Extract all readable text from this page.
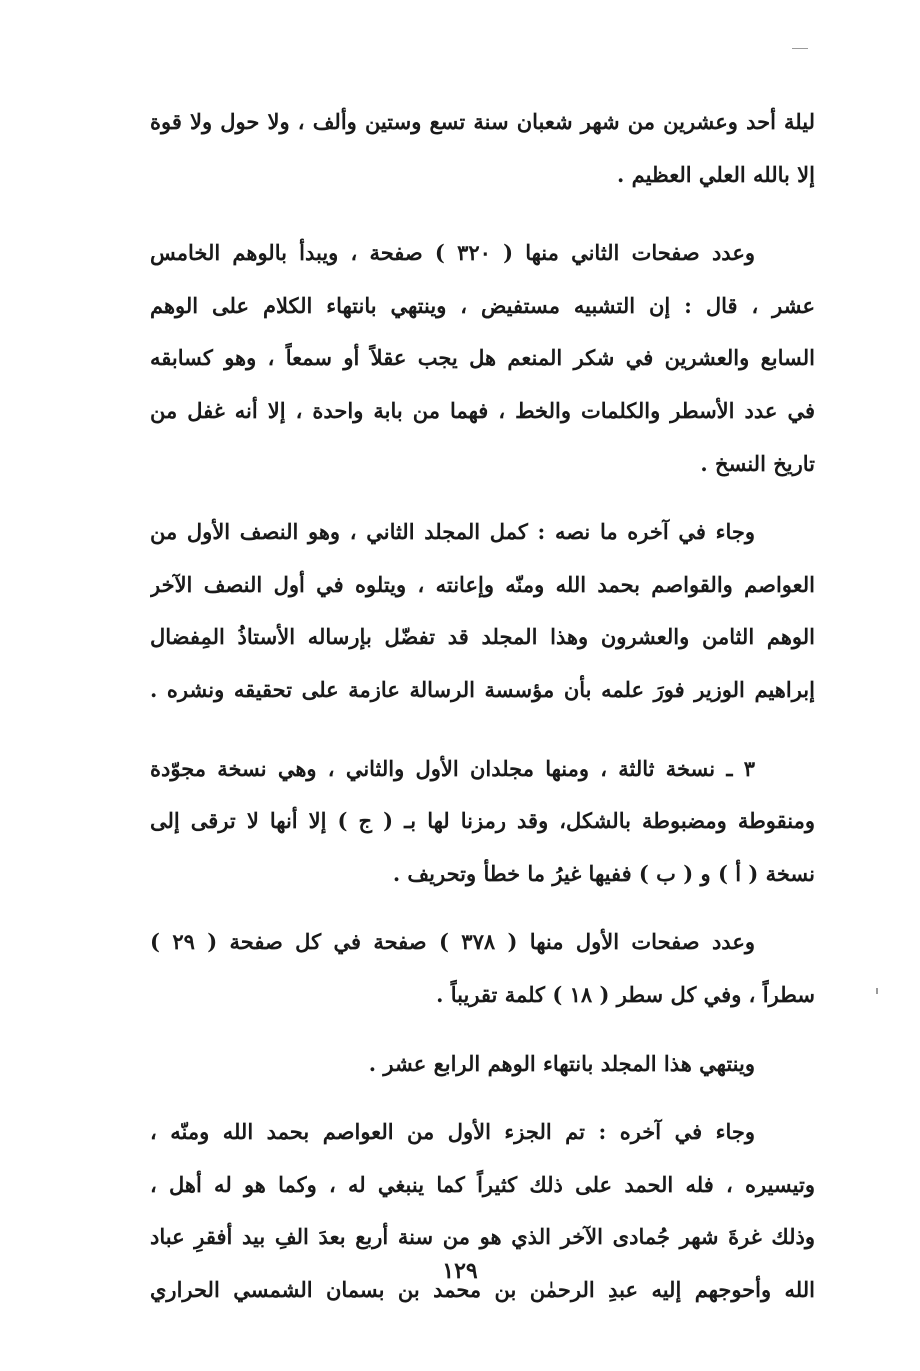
ليلة أحد وعشرين من شهر شعبان سنة تسع وستين وألف ، ولا حول ولا قوة
إلا بالله العلي العظيم .
وعدد صفحات الثاني منها ( ٣٢٠ ) صفحة ، ويبدأ بالوهم الخامس
عشر ، قال : إن التشبيه مستفيض ، وينتهي بانتهاء الكلام على الوهم
السابع والعشرين في شكر المنعم هل يجب عقلاً أو سمعاً ، وهو كسابقه
في عدد الأسطر والكلمات والخط ، فهما من بابة واحدة ، إلا أنه غفل من
تاريخ النسخ .
وجاء في آخره ما نصه : كمل المجلد الثاني ، وهو النصف الأول من
العواصم والقواصم بحمد الله ومنّه وإعانته ، ويتلوه في أول النصف الآخر
الوهم الثامن والعشرون وهذا المجلد قد تفضّل بإرساله الأستاذُ المِفضال
إبراهيم الوزير فورَ علمه بأن مؤسسة الرسالة عازمة على تحقيقه ونشره .
٣ ـ نسخة ثالثة ، ومنها مجلدان الأول والثاني ، وهي نسخة مجوّدة
ومنقوطة ومضبوطة بالشكل، وقد رمزنا لها بـ ( ج ) إلا أنها لا ترقى إلى
نسخة ( أ ) و ( ب ) ففيها غيرُ ما خطأ وتحريف .
وعدد صفحات الأول منها ( ٣٧٨ ) صفحة في كل صفحة ( ٢٩ )
سطراً ، وفي كل سطر ( ١٨ ) كلمة تقريباً .
وينتهي هذا المجلد بانتهاء الوهم الرابع عشر .
وجاء في آخره : تم الجزء الأول من العواصم بحمد الله ومنّه ،
وتيسيره ، فله الحمد على ذلك كثيراً كما ينبغي له ، وكما هو له أهل ،
وذلك غرةَ شهر جُمادى الآخر الذي هو من سنة أربع بعدَ الفِ بيد أفقرِ عباد
الله وأحوجهم إليه عبدِ الرحمٰن بن محمد بن بسمان الشمسي الحراري
١٢٩
